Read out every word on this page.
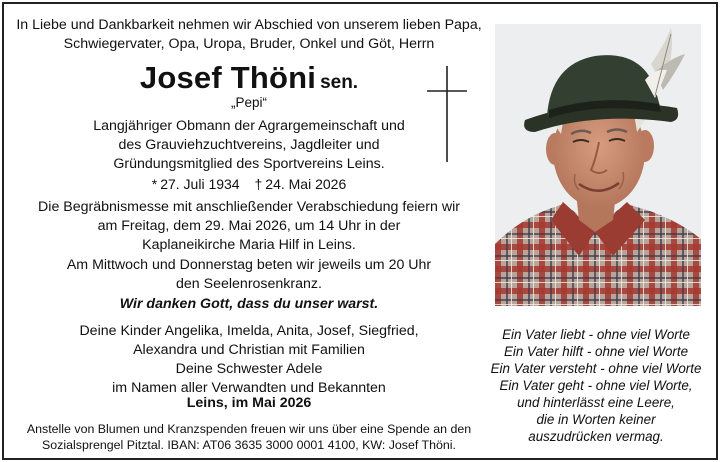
In Liebe und Dankbarkeit nehmen wir Abschied von unserem lieben Papa,
Schwiegervater, Opa, Uropa, Bruder, Onkel und Göt, Herrn
Josef Thöni sen.
„Pepi“
Langjähriger Obmann der Agrargemeinschaft und
des Grauviehzuchtvereins, Jagdleiter und
Gründungsmitglied des Sportvereins Leins.
* 27. Juli 1934 † 24. Mai 2026
Die Begräbnismesse mit anschließender Verabschiedung feiern wir
am Freitag, dem 29. Mai 2026, um 14 Uhr in der
Kaplaneikirche Maria Hilf in Leins.
Am Mittwoch und Donnerstag beten wir jeweils um 20 Uhr
den Seelenrosenkranz.
Wir danken Gott, dass du unser warst.
Deine Kinder Angelika, Imelda, Anita, Josef, Siegfried,
Alexandra und Christian mit Familien
Deine Schwester Adele
im Namen aller Verwandten und Bekannten
Leins, im Mai 2026
Anstelle von Blumen und Kranzspenden freuen wir uns über eine Spende an den
Sozialsprengel Pitztal. IBAN: AT06 3635 3000 0001 4100, KW: Josef Thöni.
Ein Vater liebt - ohne viel Worte
Ein Vater hilft - ohne viel Worte
Ein Vater versteht - ohne viel Worte
Ein Vater geht - ohne viel Worte,
und hinterlässt eine Leere,
die in Worten keiner
auszudrücken vermag.
